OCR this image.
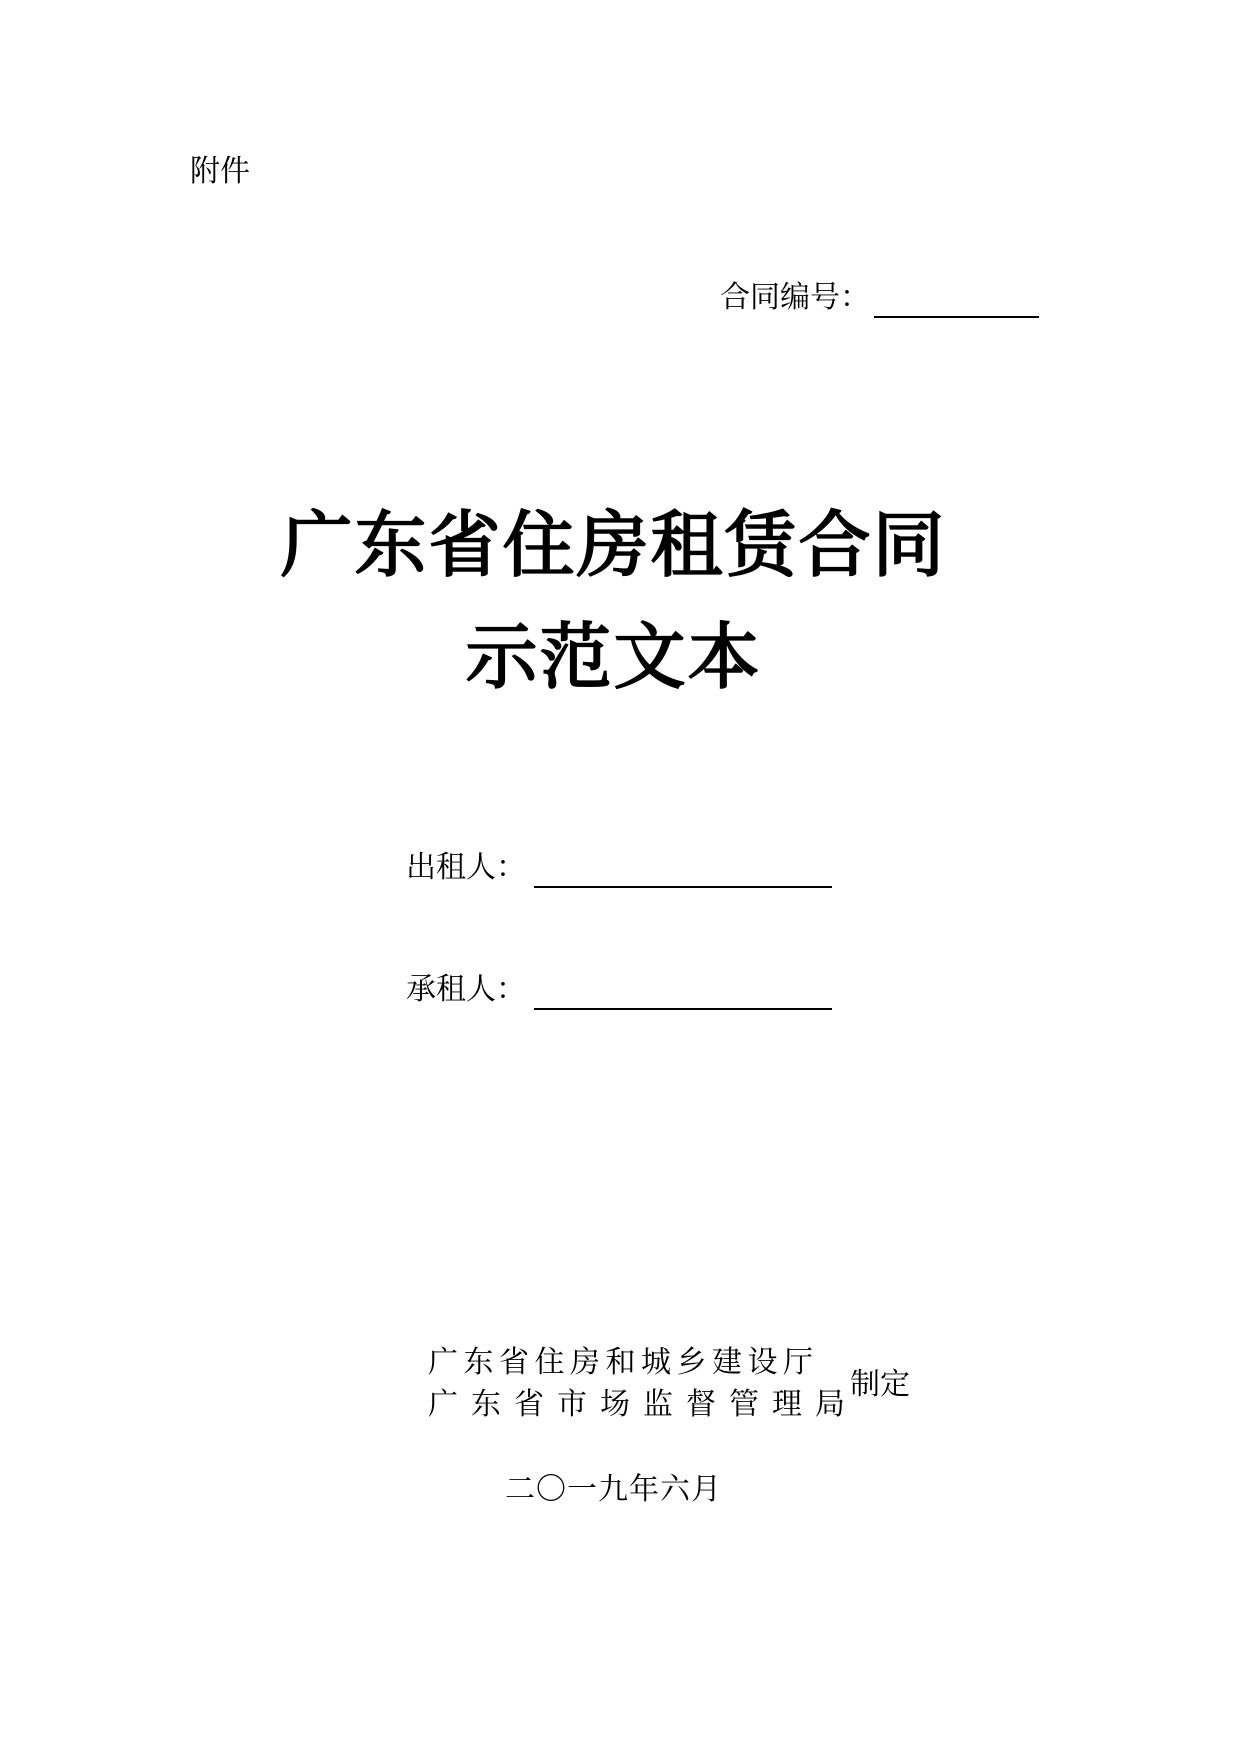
附件
合同编号：
广东省住房租赁合同
示范文本
出租人：
承租人：
广东省住房和城乡建设厅
广东省市场监督管理局
制定
二〇一九年六月
